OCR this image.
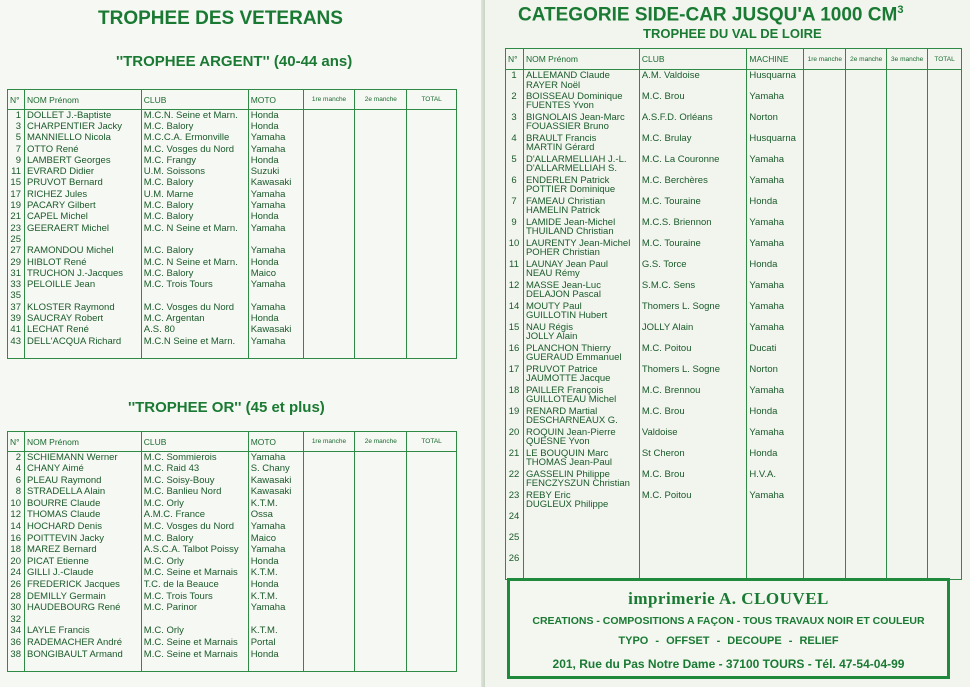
TROPHEE DES VETERANS
''TROPHEE ARGENT'' (40-44 ans)
N°	NOM Prénom	CLUB	MOTO	1re manche	2e manche	TOTAL
1	DOLLET J.-Baptiste	M.C.N. Seine et Marn.	Honda			
3	CHARPENTIER Jacky	M.C. Balory	Honda			
5	MANNIELLO Nicola	M.C.C.A. Ermonville	Yamaha			
7	OTTO René	M.C. Vosges du Nord	Yamaha			
9	LAMBERT Georges	M.C. Frangy	Honda			
11	EVRARD Didier	U.M. Soissons	Suzuki			
15	PRUVOT Bernard	M.C. Balory	Kawasaki			
17	RICHEZ Jules	U.M. Marne	Yamaha			
19	PACARY Gilbert	M.C. Balory	Yamaha			
21	CAPEL Michel	M.C. Balory	Honda			
23	GEERAERT Michel	M.C. N Seine et Marn.	Yamaha			
25						
27	RAMONDOU Michel	M.C. Balory	Yamaha			
29	HIBLOT René	M.C. N Seine et Marn.	Honda			
31	TRUCHON J.-Jacques	M.C. Balory	Maico			
33	PELOILLE Jean	M.C. Trois Tours	Yamaha			
35						
37	KLOSTER Raymond	M.C. Vosges du Nord	Yamaha			
39	SAUCRAY Robert	M.C. Argentan	Honda			
41	LECHAT René	A.S. 80	Kawasaki			
43	DELL'ACQUA Richard	M.C.N Seine et Marn.	Yamaha			

''TROPHEE OR'' (45 et plus)
N°	NOM Prénom	CLUB	MOTO	1re manche	2e manche	TOTAL
2	SCHIEMANN Werner	M.C. Sommierois	Yamaha			
4	CHANY Aimé	M.C. Raid 43	S. Chany			
6	PLEAU Raymond	M.C. Soisy-Bouy	Kawasaki			
8	STRADELLA Alain	M.C. Banlieu Nord	Kawasaki			
10	BOURRE Claude	M.C. Orly	K.T.M.			
12	THOMAS Claude	A.M.C. France	Ossa			
14	HOCHARD Denis	M.C. Vosges du Nord	Yamaha			
16	POITTEVIN Jacky	M.C. Balory	Maico			
18	MAREZ Bernard	A.S.C.A. Talbot Poissy	Yamaha			
20	PICAT Etienne	M.C. Orly	Honda			
24	GILLI J.-Claude	M.C. Seine et Marnais	K.T.M.			
26	FREDERICK Jacques	T.C. de la Beauce	Honda			
28	DEMILLY Germain	M.C. Trois Tours	K.T.M.			
30	HAUDEBOURG René	M.C. Parinor	Yamaha			
32						
34	LAYLE Francis	M.C. Orly	K.T.M.			
36	RADEMACHER André	M.C. Seine et Marnais	Portal			
38	BONGIBAULT Armand	M.C. Seine et Marnais	Honda			

CATEGORIE SIDE-CAR JUSQU'A 1000 $CM^3$
TROPHEE DU VAL DE LOIRE
N°	NOM Prénom	CLUB	MACHINE	1re manche	2e manche	3e manche	TOTAL
1	ALLEMAND Claude
RAYER Noël	A.M. Valdoise	Husquarna				
2	BOISSEAU Dominique
FUENTES Yvon	M.C. Brou	Yamaha				
3	BIGNOLAIS Jean-Marc
FOUASSIER Bruno	A.S.F.D. Orléans	Norton				
4	BRAULT Francis
MARTIN Gérard	M.C. Brulay	Husquarna				
5	D'ALLARMELLIAH J.-L.
D'ALLARMELLIAH S.	M.C. La Couronne	Yamaha				
6	ENDERLEN Patrick
POTTIER Dominique	M.C. Berchères	Yamaha				
7	FAMEAU Christian
HAMELIN Patrick	M.C. Touraine	Honda				
9	LAMIDE Jean-Michel
THUILAND Christian	M.C.S. Briennon	Yamaha				
10	LAURENTY Jean-Michel
POHER Christian	M.C. Touraine	Yamaha				
11	LAUNAY Jean Paul
NEAU Rémy	G.S. Torce	Honda				
12	MASSE Jean-Luc
DELAJON Pascal	S.M.C. Sens	Yamaha				
14	MOUTY Paul
GUILLOTIN Hubert	Thomers L. Sogne	Yamaha				
15	NAU Régis
JOLLY Alain	JOLLY Alain	Yamaha				
16	PLANCHON Thierry
GUERAUD Emmanuel	M.C. Poitou	Ducati				
17	PRUVOT Patrice
JAUMOTTE Jacque	Thomers L. Sogne	Norton				
18	PAILLER François
GUILLOTEAU Michel	M.C. Brennou	Yamaha				
19	RENARD Martial
DESCHARNEAUX G.	M.C. Brou	Honda				
20	ROQUIN Jean-Pierre
QUESNE Yvon	Valdoise	Yamaha				
21	LE BOUQUIN Marc
THOMAS Jean-Paul	St Cheron	Honda				
22	GASSELIN Philippe
FENCZYSZUN Christian	M.C. Brou	H.V.A.				
23	REBY Eric
DUGLEUX Philippe	M.C. Poitou	Yamaha				
24	

25	

26	

imprimerie A. CLOUVEL
CREATIONS - COMPOSITIONS A FAÇON - TOUS TRAVAUX NOIR ET COULEUR
TYPO - OFFSET - DECOUPE - RELIEF
201, Rue du Pas Notre Dame - 37100 TOURS - Tél. 47-54-04-99
